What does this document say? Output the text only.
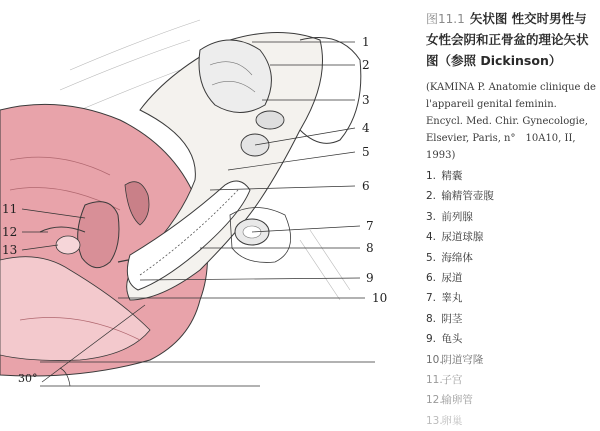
1
2
3
4
5
6
7
8
9
10
11
12
13
30°
图11.1 矢状图 性交时男性与女性会阴和正骨盆的理论矢状图（参照 Dickinson）
(KAMINA P. Anatomie clinique de l'appareil genital feminin. Encycl. Med. Chir. Gynecologie, Elsevier, Paris, n°　10A10, II, 1993)
1. 精囊
2. 输精管壶腹
3. 前列腺
4. 尿道球腺
5. 海绵体
6. 尿道
7. 睾丸
8. 阴茎
9. 龟头
10. 阴道穹隆
11. 子宫
12. 输卵管
13. 卵巢
